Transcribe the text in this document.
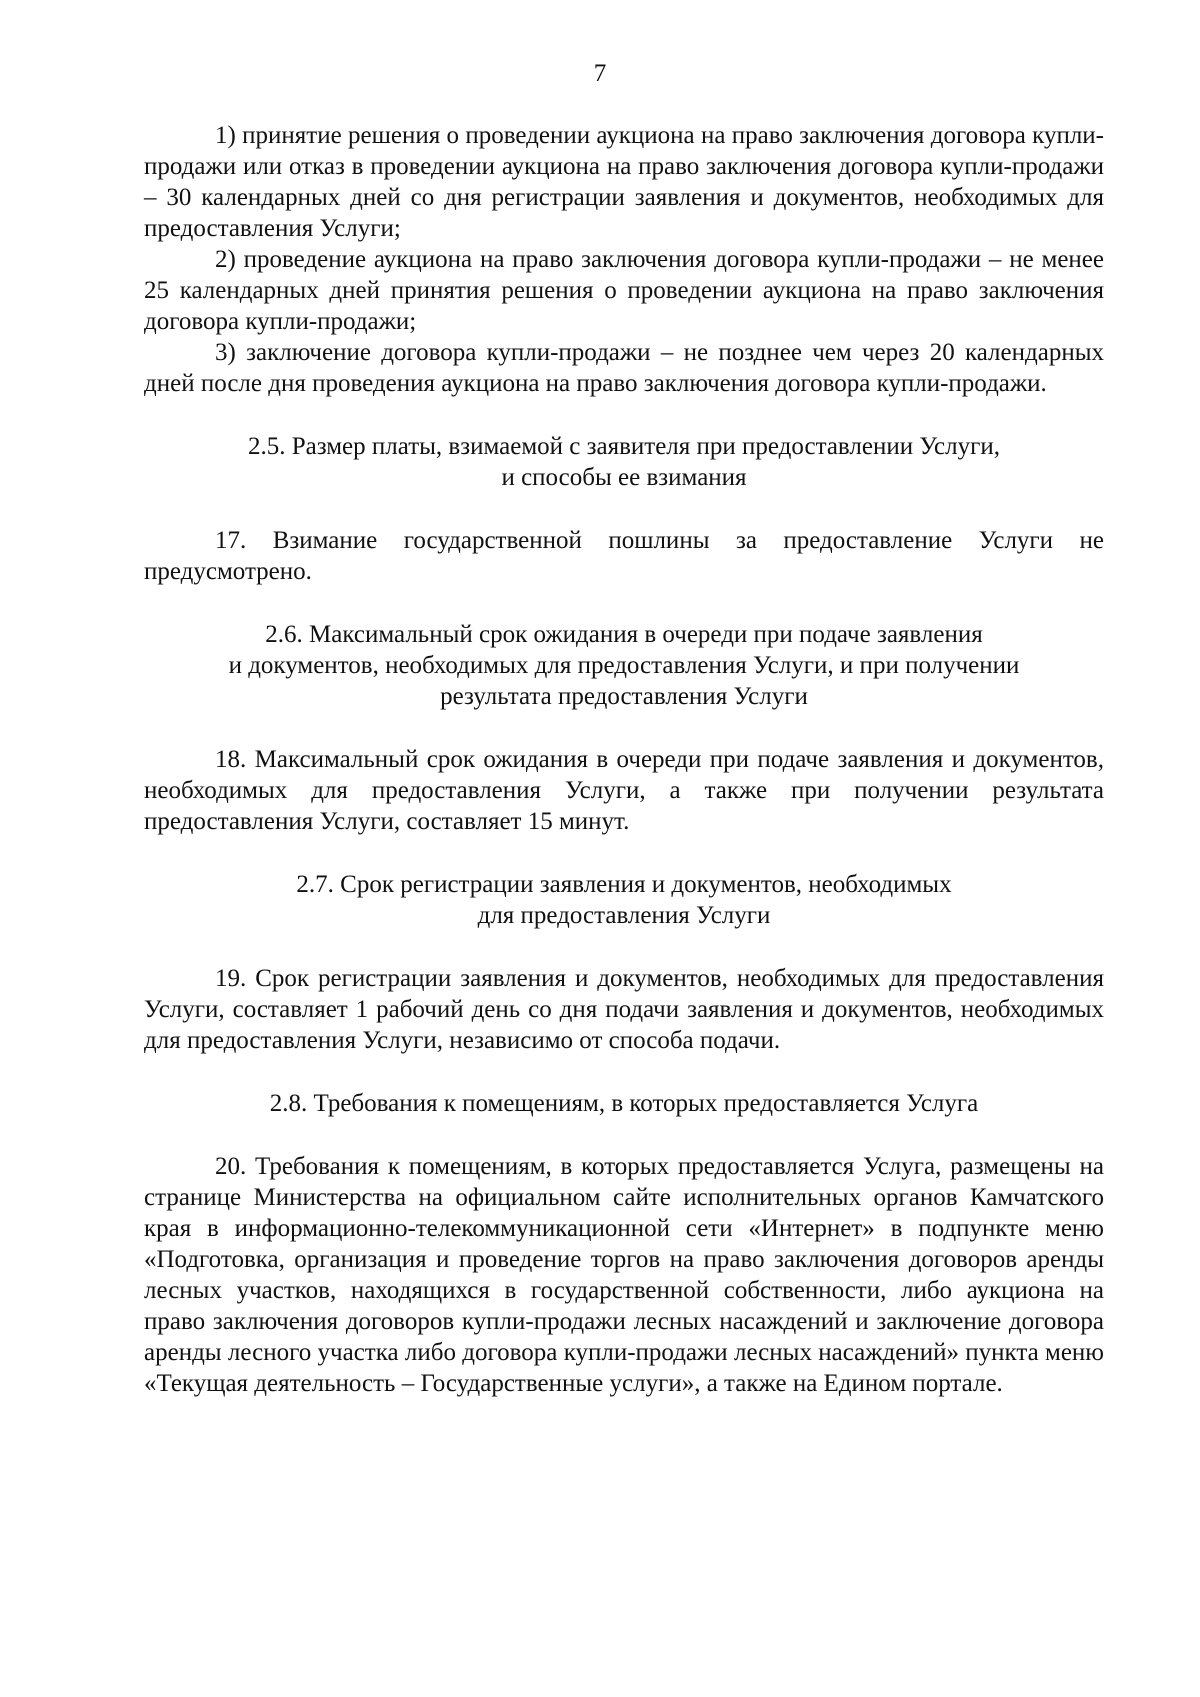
7

1) принятие решения о проведении аукциона на право заключения договора купли-продажи или отказ в проведении аукциона на право заключения договора купли-продажи – 30 календарных дней со дня регистрации заявления и документов, необходимых для предоставления Услуги;

2) проведение аукциона на право заключения договора купли-продажи – не менее 25 календарных дней принятия решения о проведении аукциона на право заключения договора купли-продажи;

3) заключение договора купли-продажи – не позднее чем через 20 календарных дней после дня проведения аукциона на право заключения договора купли-продажи.

2.5. Размер платы, взимаемой с заявителя при предоставлении Услуги,
и способы ее взимания

17. Взимание государственной пошлины за предоставление Услуги не предусмотрено.

2.6. Максимальный срок ожидания в очереди при подаче заявления
и документов, необходимых для предоставления Услуги, и при получении
результата предоставления Услуги

18. Максимальный срок ожидания в очереди при подаче заявления и документов, необходимых для предоставления Услуги, а также при получении результата предоставления Услуги, составляет 15 минут.

2.7. Срок регистрации заявления и документов, необходимых
для предоставления Услуги

19. Срок регистрации заявления и документов, необходимых для предоставления Услуги, составляет 1 рабочий день со дня подачи заявления и документов, необходимых для предоставления Услуги, независимо от способа подачи.

2.8. Требования к помещениям, в которых предоставляется Услуга

20. Требования к помещениям, в которых предоставляется Услуга, размещены на странице Министерства на официальном сайте исполнительных органов Камчатского края в информационно-телекоммуникационной сети «Интернет» в подпункте меню «Подготовка, организация и проведение торгов на право заключения договоров аренды лесных участков, находящихся в государственной собственности, либо аукциона на право заключения договоров купли-продажи лесных насаждений и заключение договора аренды лесного участка либо договора купли-продажи лесных насаждений» пункта меню «Текущая деятельность – Государственные услуги», а также на Едином портале.
